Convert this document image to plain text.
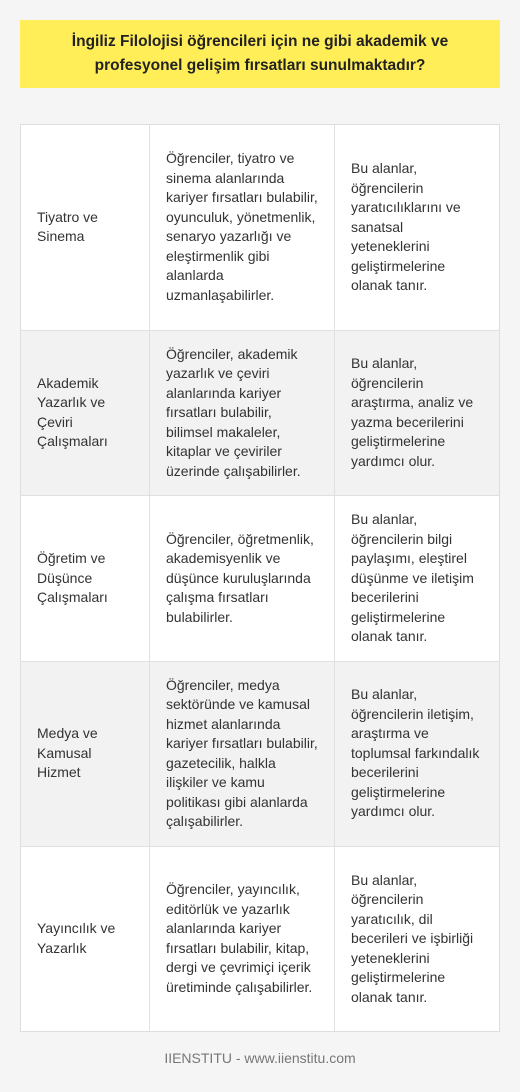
İngiliz Filolojisi öğrencileri için ne gibi akademik ve profesyonel gelişim fırsatları sunulmaktadır?
Tiyatro ve Sinema	Öğrenciler, tiyatro ve sinema alanlarında kariyer fırsatları bulabilir, oyunculuk, yönetmenlik, senaryo yazarlığı ve eleştirmenlik gibi alanlarda uzmanlaşabilirler.	Bu alanlar, öğrencilerin yaratıcılıklarını ve sanatsal yeteneklerini geliştirmelerine olanak tanır.
Akademik Yazarlık ve Çeviri Çalışmaları	Öğrenciler, akademik yazarlık ve çeviri alanlarında kariyer fırsatları bulabilir, bilimsel makaleler, kitaplar ve çeviriler üzerinde çalışabilirler.	Bu alanlar, öğrencilerin araştırma, analiz ve yazma becerilerini geliştirmelerine yardımcı olur.
Öğretim ve Düşünce Çalışmaları	Öğrenciler, öğretmenlik, akademisyenlik ve düşünce kuruluşlarında çalışma fırsatları bulabilirler.	Bu alanlar, öğrencilerin bilgi paylaşımı, eleştirel düşünme ve iletişim becerilerini geliştirmelerine olanak tanır.
Medya ve Kamusal Hizmet	Öğrenciler, medya sektöründe ve kamusal hizmet alanlarında kariyer fırsatları bulabilir, gazetecilik, halkla ilişkiler ve kamu politikası gibi alanlarda çalışabilirler.	Bu alanlar, öğrencilerin iletişim, araştırma ve toplumsal farkındalık becerilerini geliştirmelerine yardımcı olur.
Yayıncılık ve Yazarlık	Öğrenciler, yayıncılık, editörlük ve yazarlık alanlarında kariyer fırsatları bulabilir, kitap, dergi ve çevrimiçi içerik üretiminde çalışabilirler.	Bu alanlar, öğrencilerin yaratıcılık, dil becerileri ve işbirliği yeteneklerini geliştirmelerine olanak tanır.
IIENSTITU - www.iienstitu.com
